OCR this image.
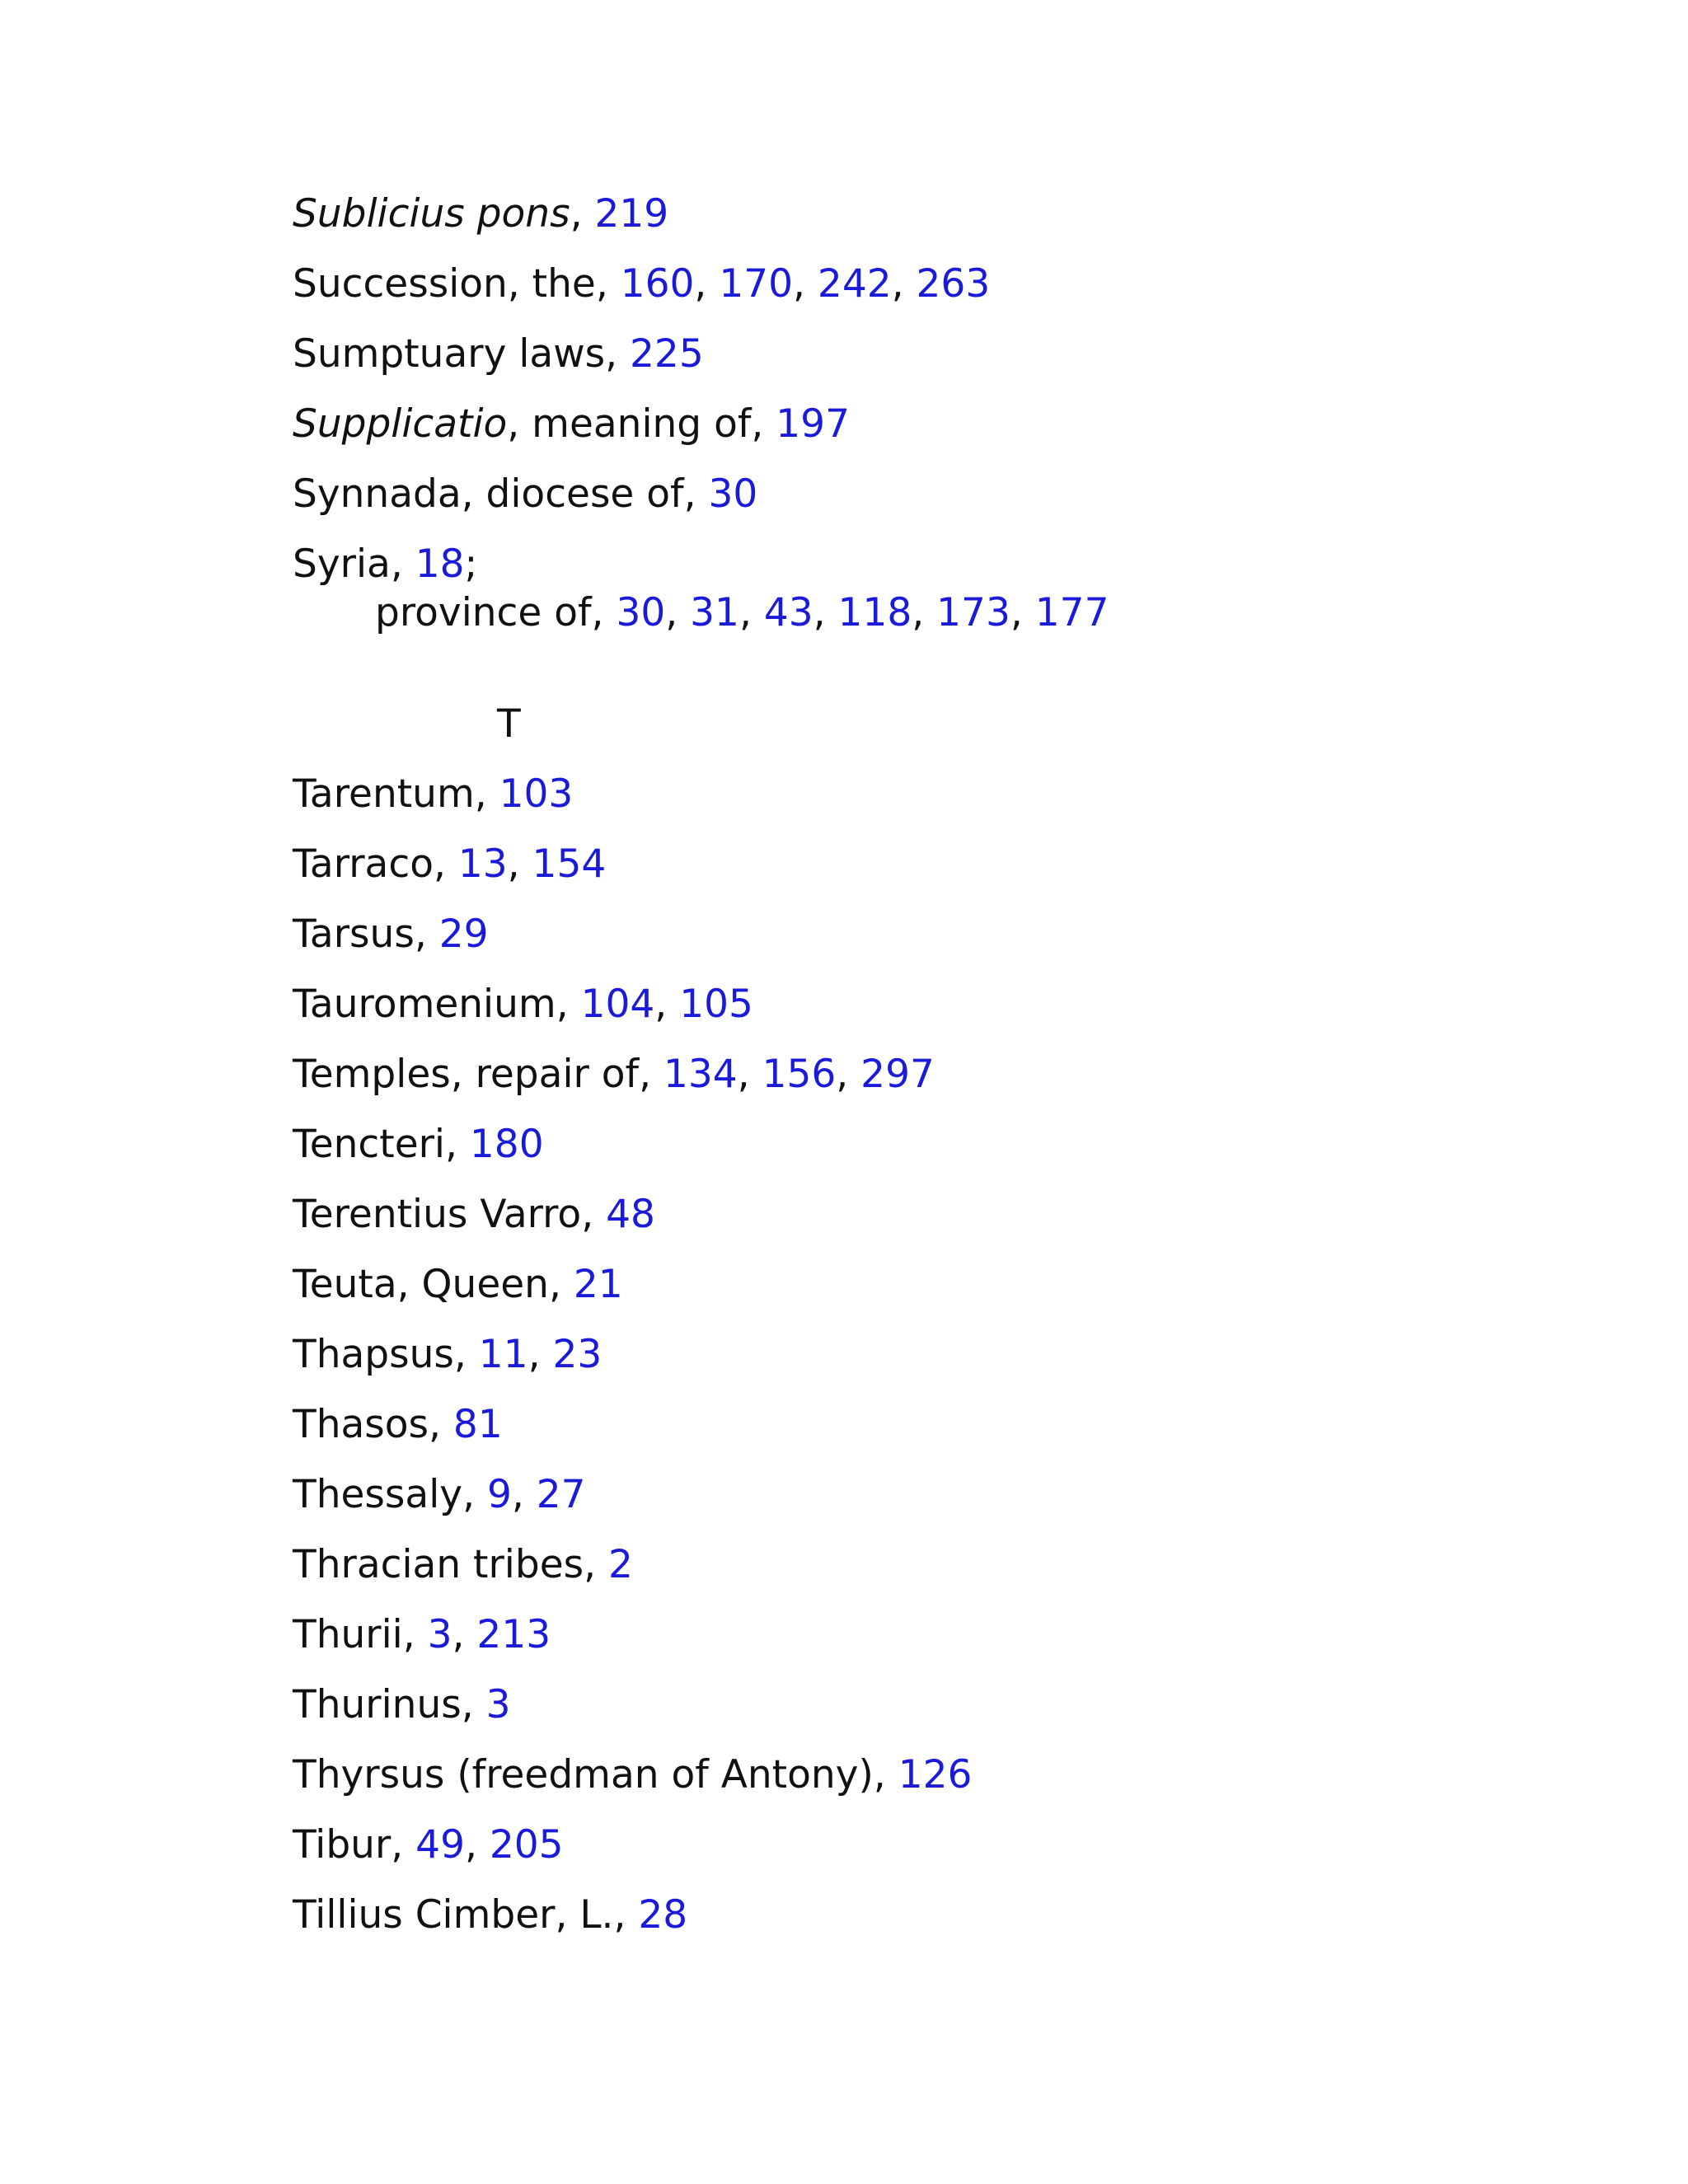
Sublicius pons, 219
Succession, the, 160, 170, 242, 263
Sumptuary laws, 225
Supplicatio, meaning of, 197
Synnada, diocese of, 30
Syria, 18;
province of, 30, 31, 43, 118, 173, 177
T
Tarentum, 103
Tarraco, 13, 154
Tarsus, 29
Tauromenium, 104, 105
Temples, repair of, 134, 156, 297
Tencteri, 180
Terentius Varro, 48
Teuta, Queen, 21
Thapsus, 11, 23
Thasos, 81
Thessaly, 9, 27
Thracian tribes, 2
Thurii, 3, 213
Thurinus, 3
Thyrsus (freedman of Antony), 126
Tibur, 49, 205
Tillius Cimber, L., 28
